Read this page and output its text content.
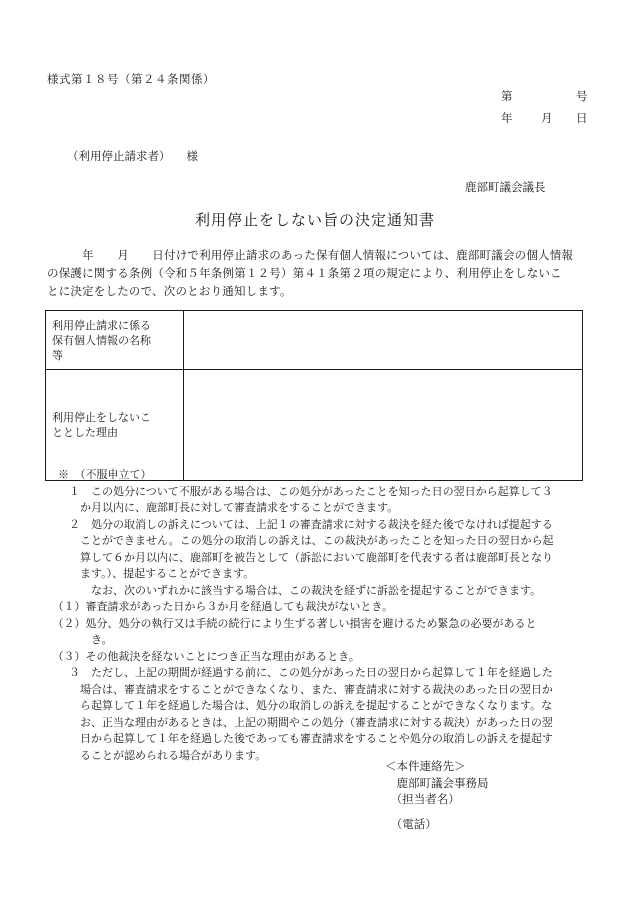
様式第１８号（第２４条関係）
第	号
年 月 日
（利用停止請求者） 様
鹿部町議会議長
利用停止をしない旨の決定通知書
　　　年　　月　　日付けで利用停止請求のあった保有個人情報については、鹿部町議会の個人情報
の保護に関する条例（令和５年条例第１２号）第４１条第２項の規定により、利用停止をしないこ
とに決定をしたので、次のとおり通知します。
利用停止請求に係る
保有個人情報の名称
等	

利用停止をしないこ
ととした理由	

　※　（不服申立て）
　　１　この処分について不服がある場合は、この処分があったことを知った日の翌日から起算して３
　　　か月以内に、鹿部町長に対して審査請求をすることができます。
　　２　処分の取消しの訴えについては、上記１の審査請求に対する裁決を経た後でなければ提起する
　　　ことができません。この処分の取消しの訴えは、この裁決があったことを知った日の翌日から起
　　　算して６か月以内に、鹿部町を被告として（訴訟において鹿部町を代表する者は鹿部町長となり
　　　ます。）、提起することができます。
　　　　なお、次のいずれかに該当する場合は、この裁決を経ずに訴訟を提起することができます。
　（１）審査請求があった日から３か月を経過しても裁決がないとき。
　（２）処分、処分の執行又は手続の続行により生ずる著しい損害を避けるため緊急の必要があると
　　　　き。
　（３）その他裁決を経ないことにつき正当な理由があるとき。
　　３　ただし、上記の期間が経過する前に、この処分があった日の翌日から起算して１年を経過した
　　　場合は、審査請求をすることができなくなり、また、審査請求に対する裁決のあった日の翌日か
　　　ら起算して１年を経過した場合は、処分の取消しの訴えを提起することができなくなります。な
　　　お、正当な理由があるときは、上記の期間やこの処分（審査請求に対する裁決）があった日の翌
　　　日から起算して１年を経過した後であっても審査請求をすることや処分の取消しの訴えを提起す
　　　ることが認められる場合があります。
＜本件連絡先＞
　鹿部町議会事務局
　（担当者名）
　（電話）
